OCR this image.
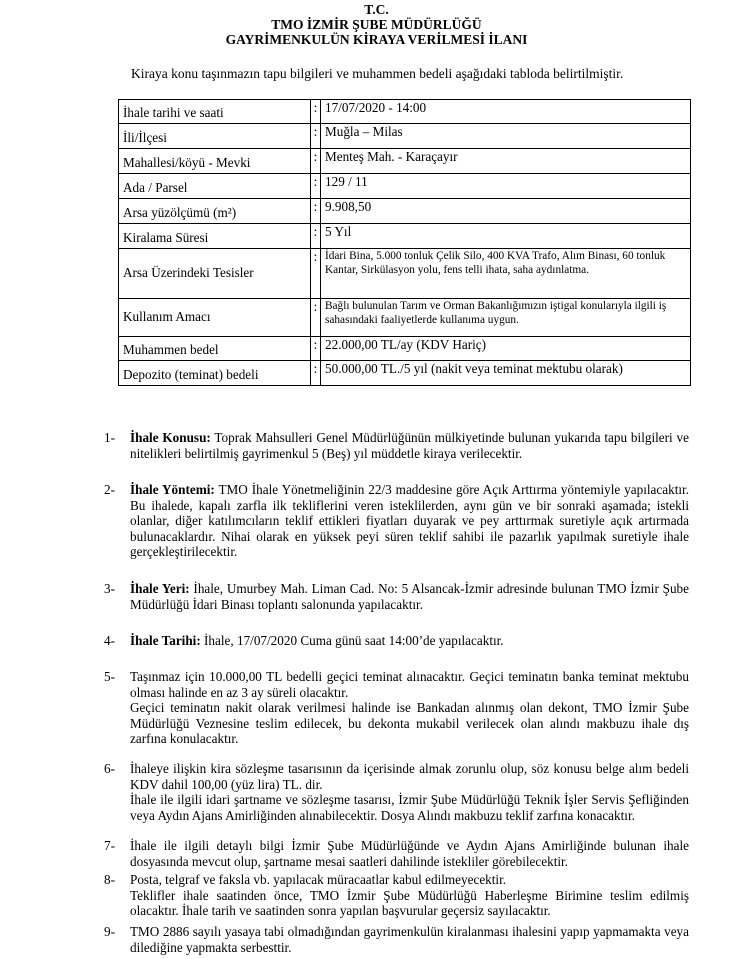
T.C.
TMO İZMİR ŞUBE MÜDÜRLÜĞÜ
GAYRİMENKULÜN KİRAYA VERİLMESİ İLANI
Kiraya konu taşınmazın tapu bilgileri ve muhammen bedeli aşağıdaki tabloda belirtilmiştir.
İhale tarihi ve saati	:	17/07/2020 - 14:00
İli/İlçesi	:	Muğla – Milas
Mahallesi/köyü - Mevki	:	Menteş Mah. - Karaçayır
Ada / Parsel	:	129 / 11
Arsa yüzölçümü (m²)	:	9.908,50
Kiralama Süresi	:	5 Yıl
Arsa Üzerindeki Tesisler	:	İdari Bina, 5.000 tonluk Çelik Silo, 400 KVA Trafo, Alım Binası, 60 tonluk Kantar, Sirkülasyon yolu, fens telli ihata, saha aydınlatma.
Kullanım Amacı	:	Bağlı bulunulan Tarım ve Orman Bakanlığımızın iştigal konularıyla ilgili iş sahasındaki faaliyetlerde kullanıma uygun.
Muhammen bedel	:	22.000,00 TL/ay (KDV Hariç)
Depozito (teminat) bedeli	:	50.000,00 TL./5 yıl (nakit veya teminat mektubu olarak)
1- İhale Konusu: Toprak Mahsulleri Genel Müdürlüğünün mülkiyetinde bulunan yukarıda tapu bilgileri ve nitelikleri belirtilmiş gayrimenkul 5 (Beş) yıl müddetle kiraya verilecektir.
2- İhale Yöntemi: TMO İhale Yönetmeliğinin 22/3 maddesine göre Açık Arttırma yöntemiyle yapılacaktır. Bu ihalede, kapalı zarfla ilk tekliflerini veren isteklilerden, aynı gün ve bir sonraki aşamada; istekli olanlar, diğer katılımcıların teklif ettikleri fiyatları duyarak ve pey arttırmak suretiyle açık artırmada bulunacaklardır. Nihai olarak en yüksek peyi süren teklif sahibi ile pazarlık yapılmak suretiyle ihale gerçekleştirilecektir.
3- İhale Yeri: İhale, Umurbey Mah. Liman Cad. No: 5 Alsancak-İzmir adresinde bulunan TMO İzmir Şube Müdürlüğü İdari Binası toplantı salonunda yapılacaktır.
4- İhale Tarihi: İhale, 17/07/2020 Cuma günü saat 14:00’de yapılacaktır.
5- Taşınmaz için 10.000,00 TL bedelli geçici teminat alınacaktır. Geçici teminatın banka teminat mektubu olması halinde en az 3 ay süreli olacaktır.
Geçici teminatın nakit olarak verilmesi halinde ise Bankadan alınmış olan dekont, TMO İzmir Şube Müdürlüğü Veznesine teslim edilecek, bu dekonta mukabil verilecek olan alındı makbuzu ihale dış zarfına konulacaktır.
6- İhaleye ilişkin kira sözleşme tasarısının da içerisinde almak zorunlu olup, söz konusu belge alım bedeli KDV dahil 100,00 (yüz lira) TL. dir.
İhale ile ilgili idari şartname ve sözleşme tasarısı, İzmir Şube Müdürlüğü Teknik İşler Servis Şefliğinden veya Aydın Ajans Amirliğinden alınabilecektir. Dosya Alındı makbuzu teklif zarfına konacaktır.
7- İhale ile ilgili detaylı bilgi İzmir Şube Müdürlüğünde ve Aydın Ajans Amirliğinde bulunan ihale dosyasında mevcut olup, şartname mesai saatleri dahilinde istekliler görebilecektir.
8- Posta, telgraf ve faksla vb. yapılacak müracaatlar kabul edilmeyecektir.
Teklifler ihale saatinden önce, TMO İzmir Şube Müdürlüğü Haberleşme Birimine teslim edilmiş olacaktır. İhale tarih ve saatinden sonra yapılan başvurular geçersiz sayılacaktır.
9- TMO 2886 sayılı yasaya tabi olmadığından gayrimenkulün kiralanması ihalesini yapıp yapmamakta veya dilediğine yapmakta serbesttir.
